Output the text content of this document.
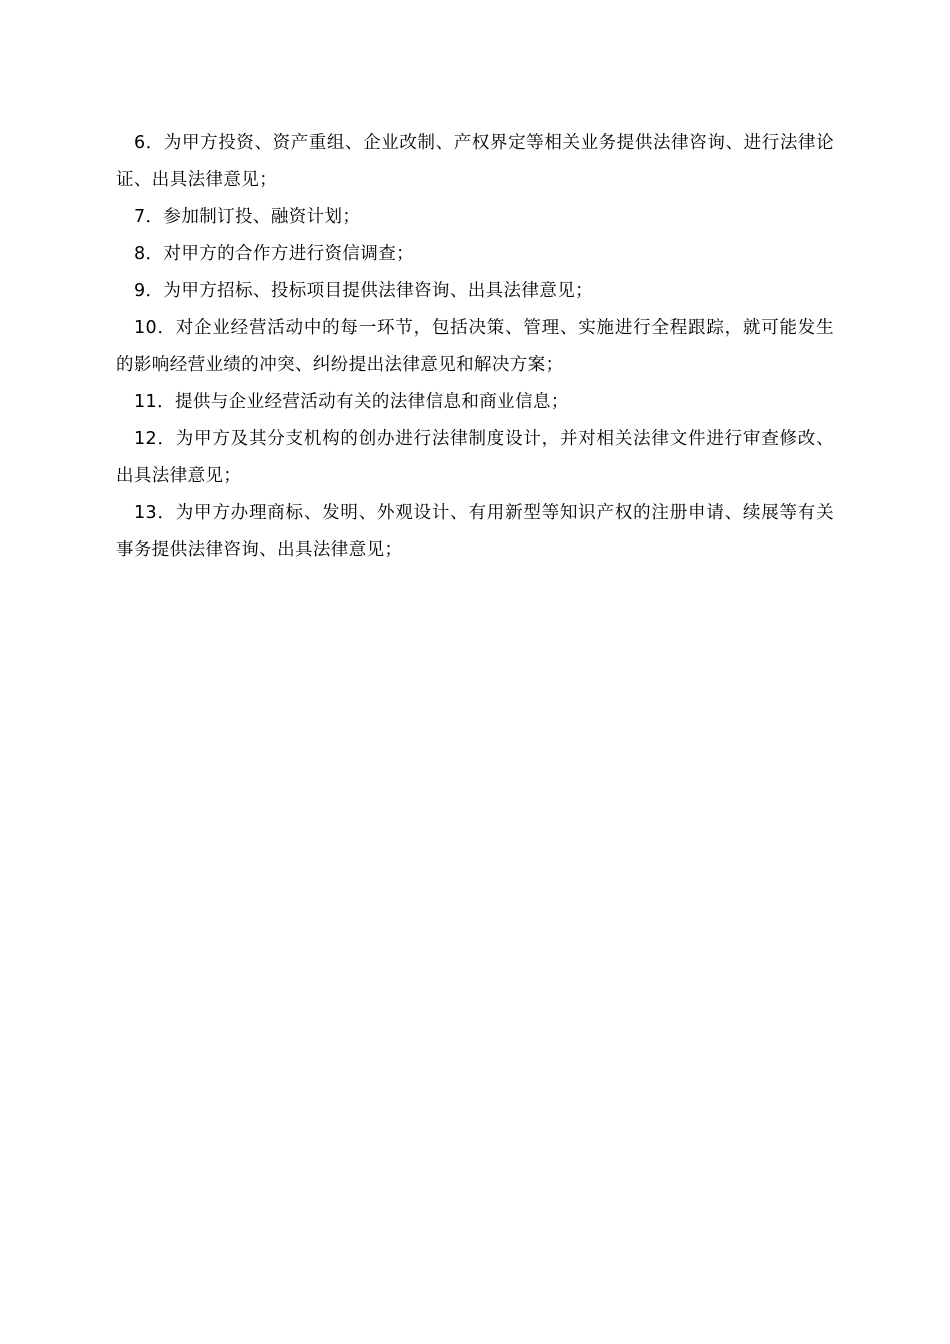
6．为甲方投资、资产重组、企业改制、产权界定等相关业务提供法律咨询、进行法律论证、出具法律意见；

7．参加制订投、融资计划；

8．对甲方的合作方进行资信调查；

9．为甲方招标、投标项目提供法律咨询、出具法律意见；

10．对企业经营活动中的每一环节，包括决策、管理、实施进行全程跟踪，就可能发生的影响经营业绩的冲突、纠纷提出法律意见和解决方案；

11．提供与企业经营活动有关的法律信息和商业信息；

12．为甲方及其分支机构的创办进行法律制度设计，并对相关法律文件进行审查修改、出具法律意见；

13．为甲方办理商标、发明、外观设计、有用新型等知识产权的注册申请、续展等有关事务提供法律咨询、出具法律意见；
